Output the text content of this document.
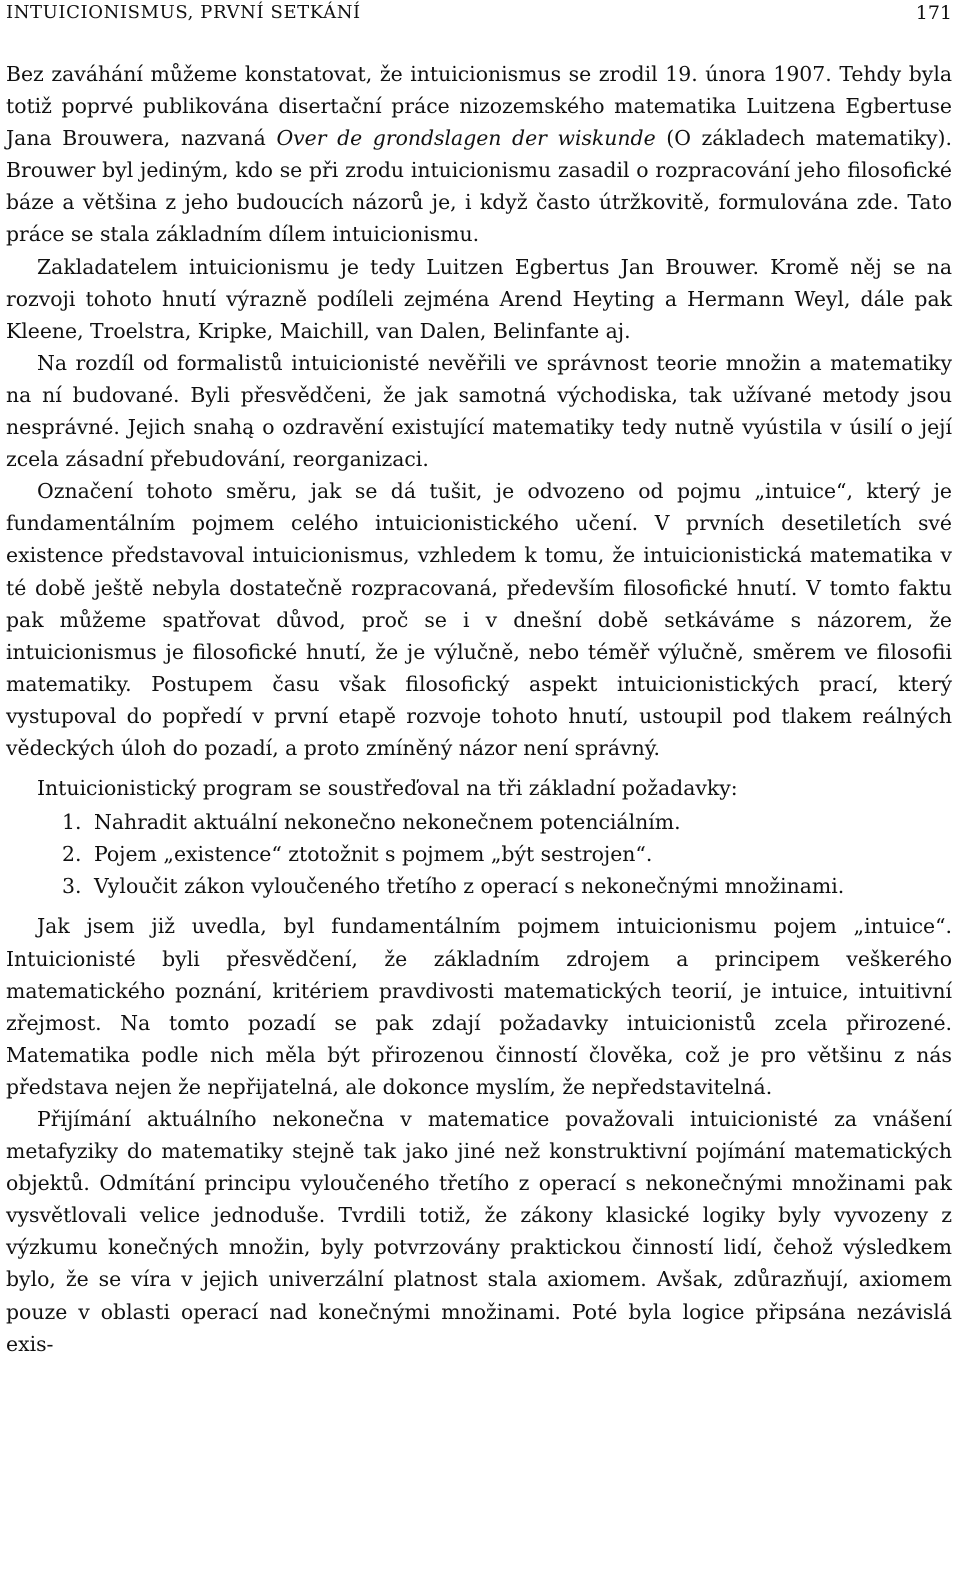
INTUICIONISMUS, PRVNÍ SETKÁNÍ	171

Bez zaváhání můžeme konstatovat, že intuicionismus se zrodil 19. února 1907. Tehdy byla totiž poprvé publikována disertační práce nizozemského matematika Luitzena Egbertuse Jana Brouwera, nazvaná Over de grondslagen der wiskunde (O základech matematiky). Brouwer byl jediným, kdo se při zrodu intuicionismu zasadil o rozpracování jeho filosofické báze a většina z jeho budoucích názorů je, i když často útržkovitě, formulována zde. Tato práce se stala základním dílem intuicionismu.

Zakladatelem intuicionismu je tedy Luitzen Egbertus Jan Brouwer. Kromě něj se na rozvoji tohoto hnutí výrazně podíleli zejména Arend Heyting a Hermann Weyl, dále pak Kleene, Troelstra, Kripke, Maichill, van Dalen, Belinfante aj.

Na rozdíl od formalistů intuicionisté nevěřili ve správnost teorie množin a matematiky na ní budované. Byli přesvědčeni, že jak samotná východiska, tak užívané metody jsou nesprávné. Jejich snahą o ozdravění existující matematiky tedy nutně vyústila v úsilí o její zcela zásadní přebudování, reorganizaci.

Označení tohoto směru, jak se dá tušit, je odvozeno od pojmu „intuice“, který je fundamentálním pojmem celého intuicionistického učení. V prvních desetiletích své existence představoval intuicionismus, vzhledem k tomu, že intuicionistická matematika v té době ještě nebyla dostatečně rozpracovaná, především filosofické hnutí. V tomto faktu pak můžeme spatřovat důvod, proč se i v dnešní době setkáváme s názorem, že intuicionismus je filosofické hnutí, že je výlučně, nebo téměř výlučně, směrem ve filosofii matematiky. Postupem času však filosofický aspekt intuicionistických prací, který vystupoval do popředí v první etapě rozvoje tohoto hnutí, ustoupil pod tlakem reálných vědeckých úloh do pozadí, a proto zmíněný názor není správný.

Intuicionistický program se soustřeďoval na tři základní požadavky:

1. Nahradit aktuální nekonečno nekonečnem potenciálním.
2. Pojem „existence“ ztotožnit s pojmem „být sestrojen“.
3. Vyloučit zákon vyloučeného třetího z operací s nekonečnými množinami.

Jak jsem již uvedla, byl fundamentálním pojmem intuicionismu pojem „intuice“. Intuicionisté byli přesvědčení, že základním zdrojem a principem veškerého matematického poznání, kritériem pravdivosti matematických teorií, je intuice, intuitivní zřejmost. Na tomto pozadí se pak zdají požadavky intuicionistů zcela přirozené. Matematika podle nich měla být přirozenou činností člověka, což je pro většinu z nás představa nejen že nepřijatelná, ale dokonce myslím, že nepředstavitelná.

Přijímání aktuálního nekonečna v matematice považovali intuicionisté za vnášení metafyziky do matematiky stejně tak jako jiné než konstruktivní pojímání matematických objektů. Odmítání principu vyloučeného třetího z operací s nekonečnými množinami pak vysvětlovali velice jednoduše. Tvrdili totiž, že zákony klasické logiky byly vyvozeny z výzkumu konečných množin, byly potvrzovány praktickou činností lidí, čehož výsledkem bylo, že se víra v jejich univerzální platnost stala axiomem. Avšak, zdůrazňují, axiomem pouze v oblasti operací nad konečnými množinami. Poté byla logice připsána nezávislá exis-
